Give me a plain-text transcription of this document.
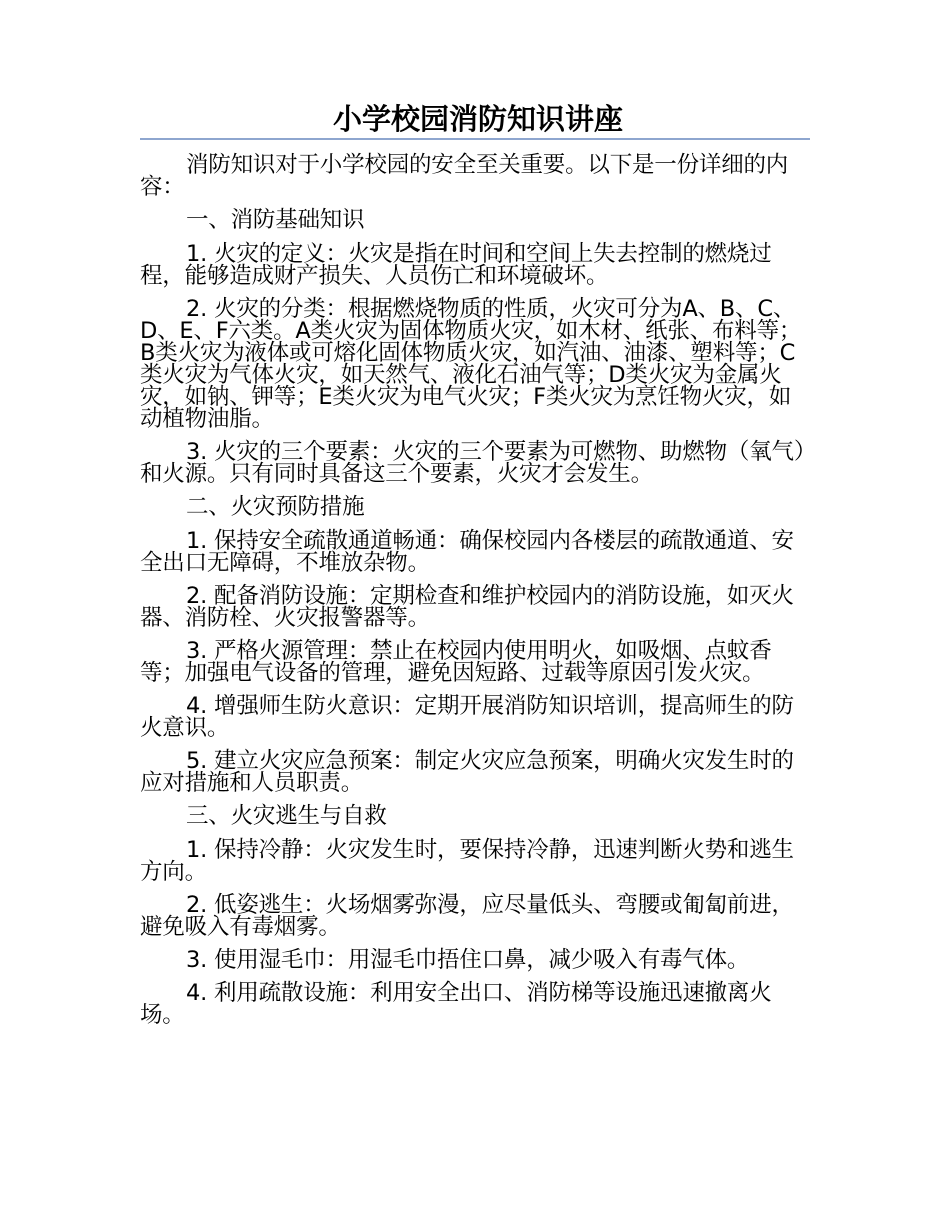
小学校园消防知识讲座

消防知识对于小学校园的安全至关重要。以下是一份详细的内容：

一、消防基础知识

1. 火灾的定义：火灾是指在时间和空间上失去控制的燃烧过程，能够造成财产损失、人员伤亡和环境破坏。

2. 火灾的分类：根据燃烧物质的性质，火灾可分为A、B、C、D、E、F六类。A类火灾为固体物质火灾，如木材、纸张、布料等；B类火灾为液体或可熔化固体物质火灾，如汽油、油漆、塑料等；C类火灾为气体火灾，如天然气、液化石油气等；D类火灾为金属火灾，如钠、钾等；E类火灾为电气火灾；F类火灾为烹饪物火灾，如动植物油脂。

3. 火灾的三个要素：火灾的三个要素为可燃物、助燃物（氧气）和火源。只有同时具备这三个要素，火灾才会发生。

二、火灾预防措施

1. 保持安全疏散通道畅通：确保校园内各楼层的疏散通道、安全出口无障碍，不堆放杂物。

2. 配备消防设施：定期检查和维护校园内的消防设施，如灭火器、消防栓、火灾报警器等。

3. 严格火源管理：禁止在校园内使用明火，如吸烟、点蚊香等；加强电气设备的管理，避免因短路、过载等原因引发火灾。

4. 增强师生防火意识：定期开展消防知识培训，提高师生的防火意识。

5. 建立火灾应急预案：制定火灾应急预案，明确火灾发生时的应对措施和人员职责。

三、火灾逃生与自救

1. 保持冷静：火灾发生时，要保持冷静，迅速判断火势和逃生方向。

2. 低姿逃生：火场烟雾弥漫，应尽量低头、弯腰或匍匐前进，避免吸入有毒烟雾。

3. 使用湿毛巾：用湿毛巾捂住口鼻，减少吸入有毒气体。

4. 利用疏散设施：利用安全出口、消防梯等设施迅速撤离火场。
